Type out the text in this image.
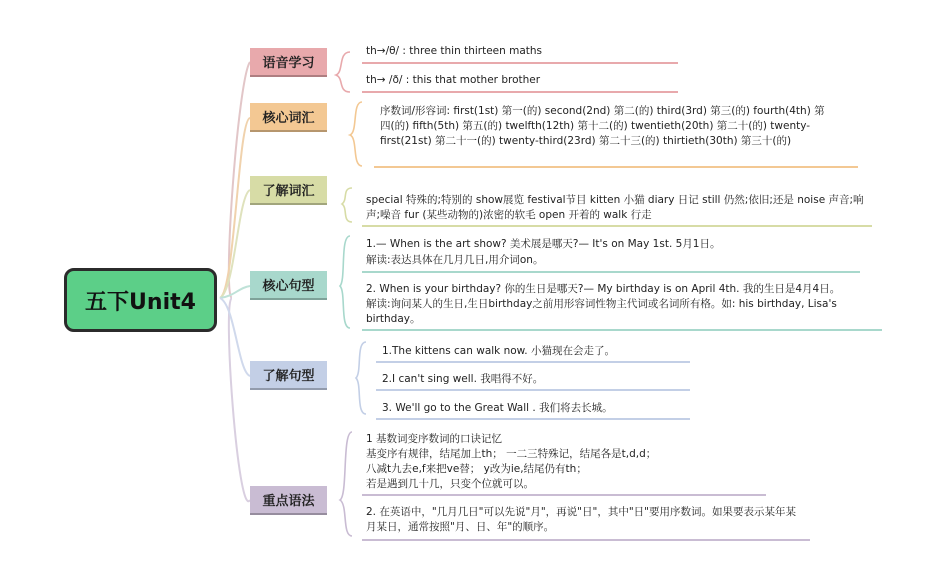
五下Unit4
语音学习
核心词汇
了解词汇
核心句型
了解句型
重点语法
th→/θ/ : three thin thirteen maths
th→ /ð/ : this that mother brother
序数词/形容词: first(1st) 第一(的) second(2nd) 第二(的) third(3rd) 第三(的) fourth(4th) 第四(的) fifth(5th) 第五(的) twelfth(12th) 第十二(的) twentieth(20th) 第二十(的) twenty-first(21st) 第二十一(的) twenty-third(23rd) 第二十三(的) thirtieth(30th) 第三十(的)
special 特殊的;特别的 show展览 festival节目 kitten 小猫 diary 日记 still 仍然;依旧;还是 noise 声音;响声;噪音 fur (某些动物的)浓密的软毛 open 开着的 walk 行走
1.— When is the art show? 美术展是哪天?— It's on May 1st. 5月1日。
解读:表达具体在几月几日,用介词on。
2. When is your birthday? 你的生日是哪天?— My birthday is on April 4th. 我的生日是4月4日。
解读:询问某人的生日,生日birthday之前用形容词性物主代词或名词所有格。如: his birthday, Lisa's birthday。
1.The kittens can walk now. 小猫现在会走了。
2.I can't sing well. 我唱得不好。
3. We'll go to the Great Wall . 我们将去长城。
1 基数词变序数词的口诀记忆
基变序有规律，结尾加上th； 一二三特殊记，结尾各是t,d,d；
八减t九去e,f来把ve替； y改为ie,结尾仍有th；
若是遇到几十几，只变个位就可以。
2. 在英语中，"几月几日"可以先说"月"，再说"日"，其中"日"要用序数词。如果要表示某年某月某日，通常按照"月、日、年"的顺序。
